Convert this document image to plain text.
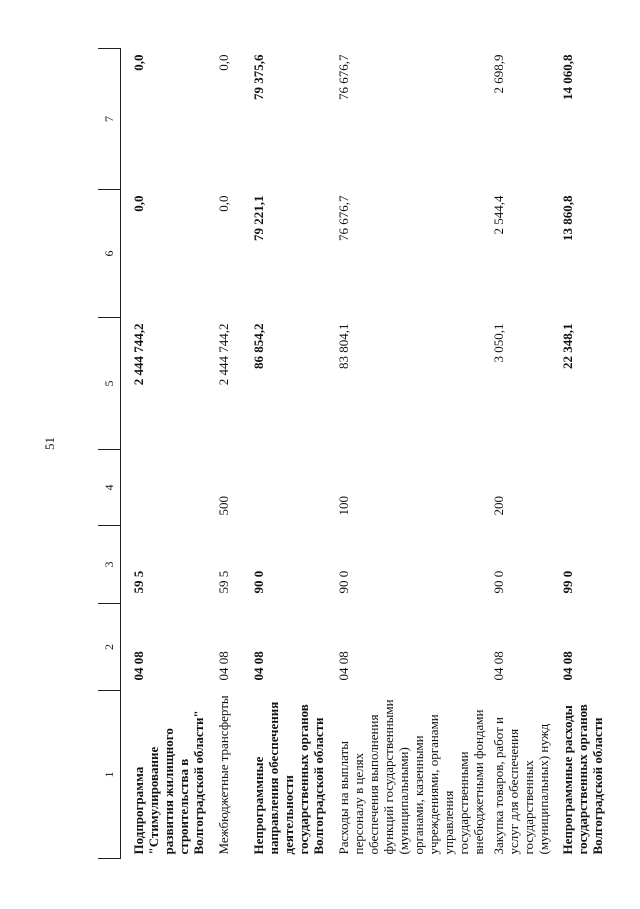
51
1	2	3	4	5	6	7
Подпрограмма "Стимулирование развития жилищного строительства в Волгоградской области"	04 08	59 5		2 444 744,2	0,0	0,0
Межбюджетные трансферты	04 08	59 5	500	2 444 744,2	0,0	0,0
Непрограммные направления обеспечения деятельности государственных органов Волгоградской области	04 08	90 0		86 854,2	79 221,1	79 375,6
Расходы на выплаты персоналу в целях обеспечения выполнения функций государственными (муниципальными) органами, казенными учреждениями, органами управления государственными внебюджетными фондами	04 08	90 0	100	83 804,1	76 676,7	76 676,7
Закупка товаров, работ и услуг для обеспечения государственных (муниципальных) нужд	04 08	90 0	200	3 050,1	2 544,4	2 698,9
Непрограммные расходы государственных органов Волгоградской области	04 08	99 0		22 348,1	13 860,8	14 060,8
